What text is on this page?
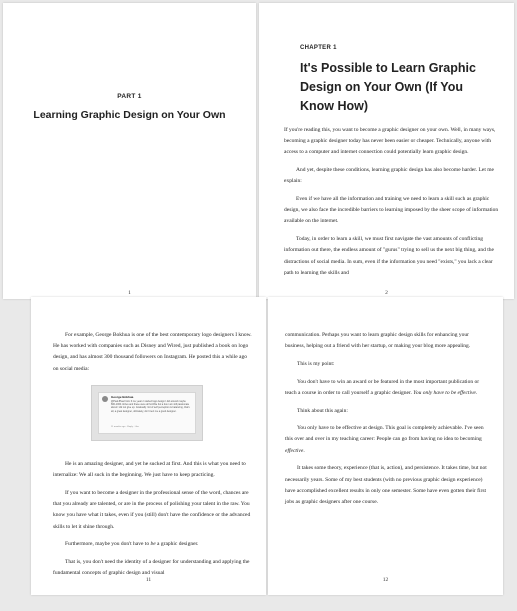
PART 1
Learning Graphic Design on Your Own
1
CHAPTER 1
It's Possible to Learn Graphic Design on Your Own (If You Know How)

If you're reading this, you want to become a graphic designer on your own. Well, in many ways, becoming a graphic designer today has never been easier or cheaper. Technically, anyone with access to a computer and internet connection could potentially learn graphic design.

And yet, despite these conditions, learning graphic design has also become harder. Let me explain:

Even if we have all the information and training we need to learn a skill such as graphic design, we also face the incredible barriers to learning imposed by the sheer scope of information available on the internet.

Today, in order to learn a skill, we must first navigate the vast amounts of conflicting information out there, the endless amount of "gurus" trying to sell us the next big thing, and the distractions of social media. In sum, even if the information you need "exists," you lack a clear path to learning the skills and

2

For example, George Bokhua is one of the best contemporary logo designers I know. He has worked with companies such as Disney and Wired, just published a book on logo design, and has almost 300 thousand followers on Instagram. He posted this a while ago on social media:

George Bokhua
@PaulJHaa From 6 me years I started logo design I did around maybe 800-1000 circles and these were all horrible but a few i am still passionate about I did not give up. Gradually I lot of self perception is balancing, that's all, a great designer, ultimately, don't text me a good designer.
11 months ago · Reply · Like

He is an amazing designer, and yet he sucked at first. And this is what you need to internalize: We all suck in the beginning. We just have to keep practicing.

If you want to become a designer in the professional sense of the word, chances are that you already are talented, or are in the process of polishing your talent in the raw. You know you have what it takes, even if you (still) don't have the confidence or the advanced skills to let it shine through.

Furthermore, maybe you don't have to be a graphic designer.

That is, you don't need the identity of a designer for understanding and applying the fundamental concepts of graphic design and visual

11

communication. Perhaps you want to learn graphic design skills for enhancing your business, helping out a friend with her startup, or making your blog more appealing.

This is my point:

You don't have to win an award or be featured in the most important publication or teach a course in order to call yourself a graphic designer. You only have to be effective.

Think about this again:

You only have to be effective at design. This goal is completely achievable. I've seen this over and over in my teaching career: People can go from having no idea to becoming effective.

It takes some theory, experience (that is, action), and persistence. It takes time, but not necessarily years. Some of my best students (with no previous graphic design experience) have accomplished excellent results in only one semester. Some have even gotten their first jobs as graphic designers after one course.

12
